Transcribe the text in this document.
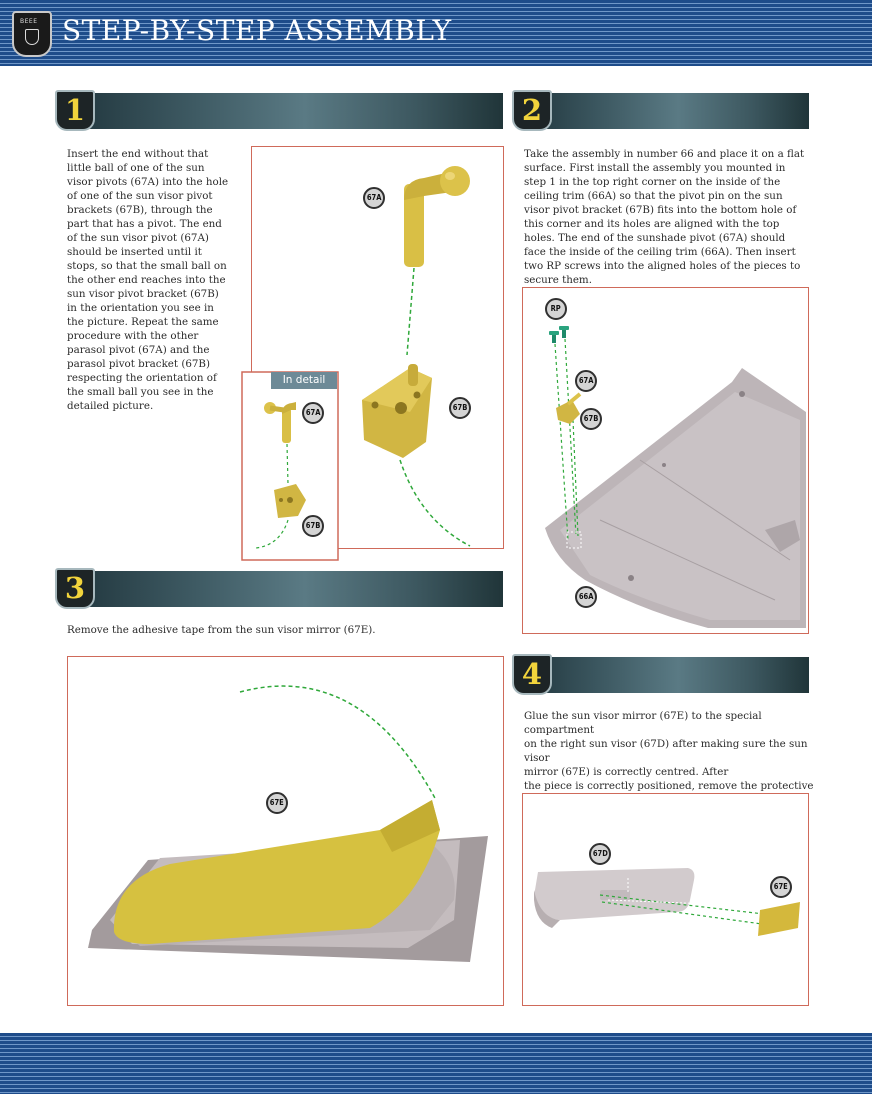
BEEE STEP-BY-STEP ASSEMBLY
1	2
3
4
Insert the end without that little ball of one of the sun visor pivots (67A) into the hole of one of the sun visor pivot brackets (67B), through the part that has a pivot. The end of the sun visor pivot (67A) should be inserted until it stops, so that the small ball on the other end reaches into the sun visor pivot bracket (67B) in the orientation you see in the picture. Repeat the same procedure with the other parasol pivot (67A) and the parasol pivot bracket (67B) respecting the orientation of the small ball you see in the detailed picture.
Take the assembly in number 66 and place it on a flat surface. First install the assembly you mounted in step 1 in the top right corner on the inside of the ceiling trim (66A) so that the pivot pin on the sun visor pivot bracket (67B) fits into the bottom hole of this corner and its holes are aligned with the top holes. The end of the sunshade pivot (67A) should face the inside of the ceiling trim (66A). Then insert two RP screws into the aligned holes of the pieces to secure them.
Remove the adhesive tape from the sun visor mirror (67E).
Glue the sun visor mirror (67E) to the special compartment
on the right sun visor (67D) after making sure the sun visor
mirror (67E) is correctly centred. After
the piece is correctly positioned, remove the protective
In detail
67A
67B
67A
67B
RP
67A
67B
66A
67E
67D
67E
